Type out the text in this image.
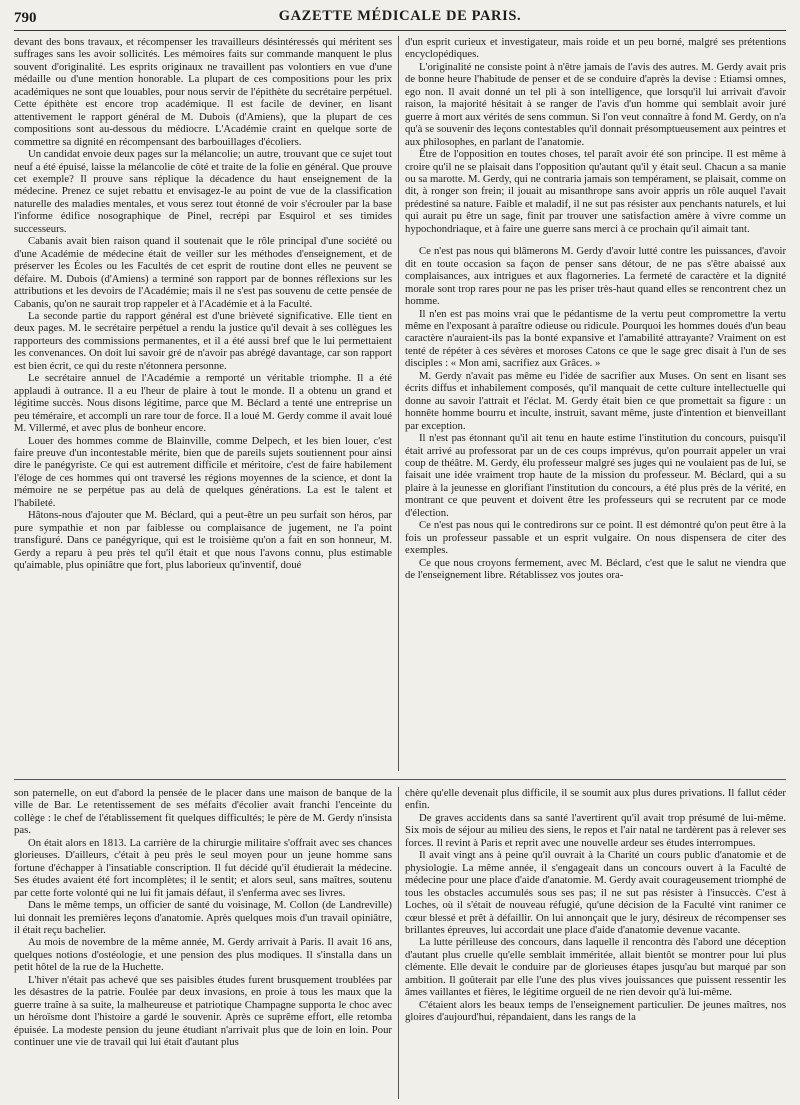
790	GAZETTE MÉDICALE DE PARIS.

devant des bons travaux, et récompenser les travailleurs désintéressés qui méritent ses suffrages sans les avoir sollicités. Les mémoires faits sur commande manquent le plus souvent d'originalité. Les esprits originaux ne travaillent pas volontiers en vue d'une médaille ou d'une mention honorable. La plupart de ces compositions pour les prix académiques ne sont que louables, pour nous servir de l'épithète du secrétaire perpétuel. Cette épithète est encore trop académique. Il est facile de deviner, en lisant attentivement le rapport général de M. Dubois (d'Amiens), que la plupart de ces compositions sont au-dessous du médiocre. L'Académie craint en quelque sorte de commettre sa dignité en récompensant des barbouillages d'écoliers.

Un candidat envoie deux pages sur la mélancolie; un autre, trouvant que ce sujet tout neuf a été épuisé, laisse la mélancolie de côté et traite de la folie en général. Que prouve cet exemple? Il prouve sans réplique la décadence du haut enseignement de la médecine. Prenez ce sujet rebattu et envisagez-le au point de vue de la classification naturelle des maladies mentales, et vous serez tout étonné de voir s'écrouler par la base l'informe édifice nosographique de Pinel, recrépi par Esquirol et ses timides successeurs.

Cabanis avait bien raison quand il soutenait que le rôle principal d'une société ou d'une Académie de médecine était de veiller sur les méthodes d'enseignement, et de préserver les Écoles ou les Facultés de cet esprit de routine dont elles ne peuvent se défaire. M. Dubois (d'Amiens) a terminé son rapport par de bonnes réflexions sur les attributions et les devoirs de l'Académie; mais il ne s'est pas souvenu de cette pensée de Cabanis, qu'on ne saurait trop rappeler et à l'Académie et à la Faculté.

La seconde partie du rapport général est d'une brièveté significative. Elle tient en deux pages. M. le secrétaire perpétuel a rendu la justice qu'il devait à ses collègues les rapporteurs des commissions permanentes, et il a été aussi bref que le lui permettaient les convenances. On doit lui savoir gré de n'avoir pas abrégé davantage, car son rapport est bien écrit, ce qui du reste n'étonnera personne.

Le secrétaire annuel de l'Académie a remporté un véritable triomphe. Il a été applaudi à outrance. Il a eu l'heur de plaire à tout le monde. Il a obtenu un grand et légitime succès. Nous disons légitime, parce que M. Béclard a tenté une entreprise un peu téméraire, et accompli un rare tour de force. Il a loué M. Gerdy comme il avait loué M. Villermé, et avec plus de bonheur encore.

Louer des hommes comme de Blainville, comme Delpech, et les bien louer, c'est faire preuve d'un incontestable mérite, bien que de pareils sujets soutiennent pour ainsi dire le panégyriste. Ce qui est autrement difficile et méritoire, c'est de faire habilement l'éloge de ces hommes qui ont traversé les régions moyennes de la science, et dont la mémoire ne se perpétue pas au delà de quelques générations. La est le talent et l'habileté.

Hâtons-nous d'ajouter que M. Béclard, qui a peut-être un peu surfait son héros, par pure sympathie et non par faiblesse ou complaisance de jugement, ne l'a point transfiguré. Dans ce panégyrique, qui est le troisième qu'on a fait en son honneur, M. Gerdy a reparu à peu près tel qu'il était et que nous l'avons connu, plus estimable qu'aimable, plus opiniâtre que fort, plus laborieux qu'inventif, doué

d'un esprit curieux et investigateur, mais roide et un peu borné, malgré ses prétentions encyclopédiques.

L'originalité ne consiste point à n'être jamais de l'avis des autres. M. Gerdy avait pris de bonne heure l'habitude de penser et de se conduire d'après la devise : Etiamsi omnes, ego non. Il avait donné un tel pli à son intelligence, que lorsqu'il lui arrivait d'avoir raison, la majorité hésitait à se ranger de l'avis d'un homme qui semblait avoir juré guerre à mort aux vérités de sens commun. Si l'on veut connaître à fond M. Gerdy, on n'a qu'à se souvenir des leçons contestables qu'il donnait présomptueusement aux peintres et aux philosophes, en parlant de l'anatomie.

Être de l'opposition en toutes choses, tel paraît avoir été son principe. Il est même à croire qu'il ne se plaisait dans l'opposition qu'autant qu'il y était seul. Chacun a sa manie ou sa marotte. M. Gerdy, qui ne contraria jamais son tempérament, se plaisait, comme on dit, à ronger son frein; il jouait au misanthrope sans avoir appris un rôle auquel l'avait prédestiné sa nature. Faible et maladif, il ne sut pas résister aux penchants naturels, et lui qui aurait pu être un sage, finit par trouver une satisfaction amère à vivre comme un hypochondriaque, et à faire une guerre sans merci à ce prochain qu'il aimait tant.

Ce n'est pas nous qui blâmerons M. Gerdy d'avoir lutté contre les puissances, d'avoir dit en toute occasion sa façon de penser sans détour, de ne pas s'être abaissé aux complaisances, aux intrigues et aux flagorneries. La fermeté de caractère et la dignité morale sont trop rares pour ne pas les priser très-haut quand elles se rencontrent chez un homme.

Il n'en est pas moins vrai que le pédantisme de la vertu peut compromettre la vertu même en l'exposant à paraître odieuse ou ridicule. Pourquoi les hommes doués d'un beau caractère n'auraient-ils pas la bonté expansive et l'amabilité attrayante? Vraiment on est tenté de répéter à ces sévères et moroses Catons ce que le sage grec disait à l'un de ses disciples : « Mon ami, sacrifiez aux Grâces. »

M. Gerdy n'avait pas même eu l'idée de sacrifier aux Muses. On sent en lisant ses écrits diffus et inhabilement composés, qu'il manquait de cette culture intellectuelle qui donne au savoir l'attrait et l'éclat. M. Gerdy était bien ce que promettait sa figure : un honnête homme bourru et inculte, instruit, savant même, juste d'intention et bienveillant par exception.

Il n'est pas étonnant qu'il ait tenu en haute estime l'institution du concours, puisqu'il était arrivé au professorat par un de ces coups imprévus, qu'on pourrait appeler un vrai coup de théâtre. M. Gerdy, élu professeur malgré ses juges qui ne voulaient pas de lui, se faisait une idée vraiment trop haute de la mission du professeur. M. Béclard, qui a su plaire à la jeunesse en glorifiant l'institution du concours, a été plus près de la vérité, en montrant ce que peuvent et doivent être les professeurs qui se recrutent par ce mode d'élection.

Ce n'est pas nous qui le contredirons sur ce point. Il est démontré qu'on peut être à la fois un professeur passable et un esprit vulgaire. On nous dispensera de citer des exemples.

Ce que nous croyons fermement, avec M. Béclard, c'est que le salut ne viendra que de l'enseignement libre. Rétablissez vos joutes ora-

son paternelle, on eut d'abord la pensée de le placer dans une maison de banque de la ville de Bar. Le retentissement de ses méfaits d'écolier avait franchi l'enceinte du collège : le chef de l'établissement fit quelques difficultés; le père de M. Gerdy n'insista pas.

On était alors en 1813. La carrière de la chirurgie militaire s'offrait avec ses chances glorieuses. D'ailleurs, c'était à peu près le seul moyen pour un jeune homme sans fortune d'échapper à l'insatiable conscription. Il fut décidé qu'il étudierait la médecine. Ses études avaient été fort incomplètes; il le sentit; et alors seul, sans maîtres, soutenu par cette forte volonté qui ne lui fit jamais défaut, il s'enferma avec ses livres.

Dans le même temps, un officier de santé du voisinage, M. Collon (de Landreville) lui donnait les premières leçons d'anatomie. Après quelques mois d'un travail opiniâtre, il était reçu bachelier.

Au mois de novembre de la même année, M. Gerdy arrivait à Paris. Il avait 16 ans, quelques notions d'ostéologie, et une pension des plus modiques. Il s'installa dans un petit hôtel de la rue de la Huchette.

L'hiver n'était pas achevé que ses paisibles études furent brusquement troublées par les désastres de la patrie. Foulée par deux invasions, en proie à tous les maux que la guerre traîne à sa suite, la malheureuse et patriotique Champagne supporta le choc avec un héroïsme dont l'histoire a gardé le souvenir. Après ce suprême effort, elle retomba épuisée. La modeste pension du jeune étudiant n'arrivait plus que de loin en loin. Pour continuer une vie de travail qui lui était d'autant plus

chère qu'elle devenait plus difficile, il se soumit aux plus dures privations. Il fallut céder enfin.

De graves accidents dans sa santé l'avertirent qu'il avait trop présumé de lui-même. Six mois de séjour au milieu des siens, le repos et l'air natal ne tardèrent pas à relever ses forces. Il revint à Paris et reprit avec une nouvelle ardeur ses études interrompues.

Il avait vingt ans à peine qu'il ouvrait à la Charité un cours public d'anatomie et de physiologie. La même année, il s'engageait dans un concours ouvert à la Faculté de médecine pour une place d'aide d'anatomie. M. Gerdy avait courageusement triomphé de tous les obstacles accumulés sous ses pas; il ne sut pas résister à l'insuccès. C'est à Loches, où il s'était de nouveau réfugié, qu'une décision de la Faculté vint ranimer ce cœur blessé et prêt à défaillir. On lui annonçait que le jury, désireux de récompenser ses brillantes épreuves, lui accordait une place d'aide d'anatomie devenue vacante.

La lutte périlleuse des concours, dans laquelle il rencontra dès l'abord une déception d'autant plus cruelle qu'elle semblait imméritée, allait bientôt se montrer pour lui plus clémente. Elle devait le conduire par de glorieuses étapes jusqu'au but marqué par son ambition. Il goûterait par elle l'une des plus vives jouissances que puissent ressentir les âmes vaillantes et fières, le légitime orgueil de ne rien devoir qu'à lui-même.

C'étaient alors les beaux temps de l'enseignement particulier. De jeunes maîtres, nos gloires d'aujourd'hui, répandaient, dans les rangs de la
